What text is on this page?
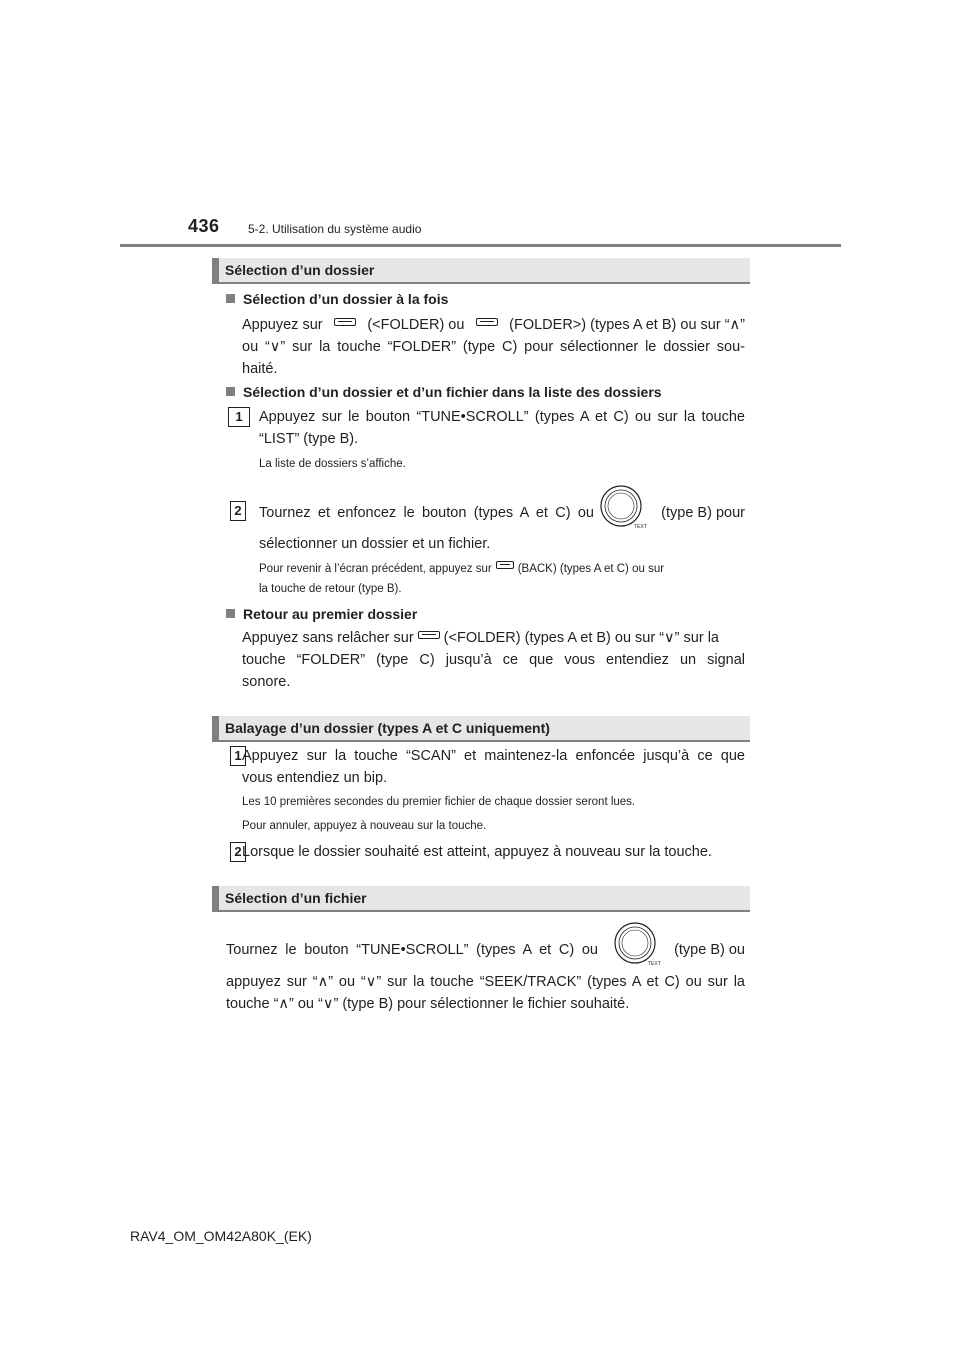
436 5-2. Utilisation du système audio
Sélection d’un dossier
Sélection d’un dossier à la fois
Appuyez sur	(<FOLDER) ou	(FOLDER>) (types A et B) ou sur “∧”
ou “∨” sur la touche “FOLDER” (type C) pour sélectionner le dossier sou-
haité.
Sélection d’un dossier et d’un fichier dans la liste des dossiers
1	Appuyez sur le bouton “TUNE•SCROLL” (types A et C) ou sur la touche
“LIST” (type B).
La liste de dossiers s’affiche.
2	Tournez et enfoncez le bouton (types A et C) ou
TEXT
(type B) pour
sélectionner un dossier et un fichier.
Pour revenir à l’écran précédent, appuyez sur (BACK) (types A et C) ou sur
la touche de retour (type B).
Retour au premier dossier
Appuyez sans relâcher sur (<FOLDER) (types A et B) ou sur “∨” sur la
touche “FOLDER” (type C) jusqu’à ce que vous entendiez un signal
sonore.
Balayage d’un dossier (types A et C uniquement)
1 Appuyez sur la touche “SCAN” et maintenez-la enfoncée jusqu’à ce que
vous entendiez un bip.
Les 10 premières secondes du premier fichier de chaque dossier seront lues.
Pour annuler, appuyez à nouveau sur la touche.
2 Lorsque le dossier souhaité est atteint, appuyez à nouveau sur la touche.
Sélection d’un fichier
Tournez le bouton “TUNE•SCROLL” (types A et C) ou
TEXT
(type B) ou
appuyez sur “∧” ou “∨” sur la touche “SEEK/TRACK” (types A et C) ou sur la
touche “∧” ou “∨” (type B) pour sélectionner le fichier souhaité.
RAV4_OM_OM42A80K_(EK)
